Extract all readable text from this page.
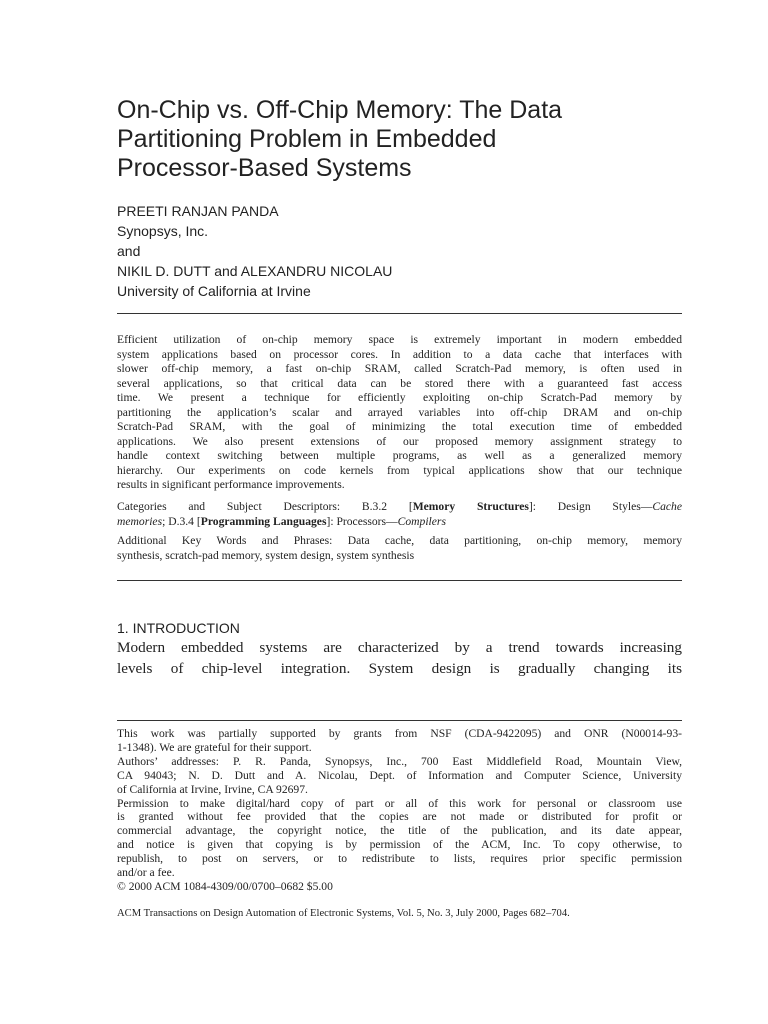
On-Chip vs. Off-Chip Memory: The Data
Partitioning Problem in Embedded
Processor-Based Systems
PREETI RANJAN PANDA
Synopsys, Inc.
and
NIKIL D. DUTT and ALEXANDRU NICOLAU
University of California at Irvine
Efficient utilization of on-chip memory space is extremely important in modern embedded
system applications based on processor cores. In addition to a data cache that interfaces with
slower off-chip memory, a fast on-chip SRAM, called Scratch-Pad memory, is often used in
several applications, so that critical data can be stored there with a guaranteed fast access
time. We present a technique for efficiently exploiting on-chip Scratch-Pad memory by
partitioning the application’s scalar and arrayed variables into off-chip DRAM and on-chip
Scratch-Pad SRAM, with the goal of minimizing the total execution time of embedded
applications. We also present extensions of our proposed memory assignment strategy to
handle context switching between multiple programs, as well as a generalized memory
hierarchy. Our experiments on code kernels from typical applications show that our technique
results in significant performance improvements.
Categories and Subject Descriptors: B.3.2 [Memory Structures]: Design Styles—Cache
memories; D.3.4 [Programming Languages]: Processors—Compilers
Additional Key Words and Phrases: Data cache, data partitioning, on-chip memory, memory
synthesis, scratch-pad memory, system design, system synthesis
1. INTRODUCTION
Modern embedded systems are characterized by a trend towards increasing
levels of chip-level integration. System design is gradually changing its
This work was partially supported by grants from NSF (CDA-9422095) and ONR (N00014-93-
1-1348). We are grateful for their support.
Authors’ addresses: P. R. Panda, Synopsys, Inc., 700 East Middlefield Road, Mountain View,
CA 94043; N. D. Dutt and A. Nicolau, Dept. of Information and Computer Science, University
of California at Irvine, Irvine, CA 92697.
Permission to make digital/hard copy of part or all of this work for personal or classroom use
is granted without fee provided that the copies are not made or distributed for profit or
commercial advantage, the copyright notice, the title of the publication, and its date appear,
and notice is given that copying is by permission of the ACM, Inc. To copy otherwise, to
republish, to post on servers, or to redistribute to lists, requires prior specific permission
and/or a fee.
© 2000 ACM 1084-4309/00/0700–0682 $5.00
ACM Transactions on Design Automation of Electronic Systems, Vol. 5, No. 3, July 2000, Pages 682–704.
